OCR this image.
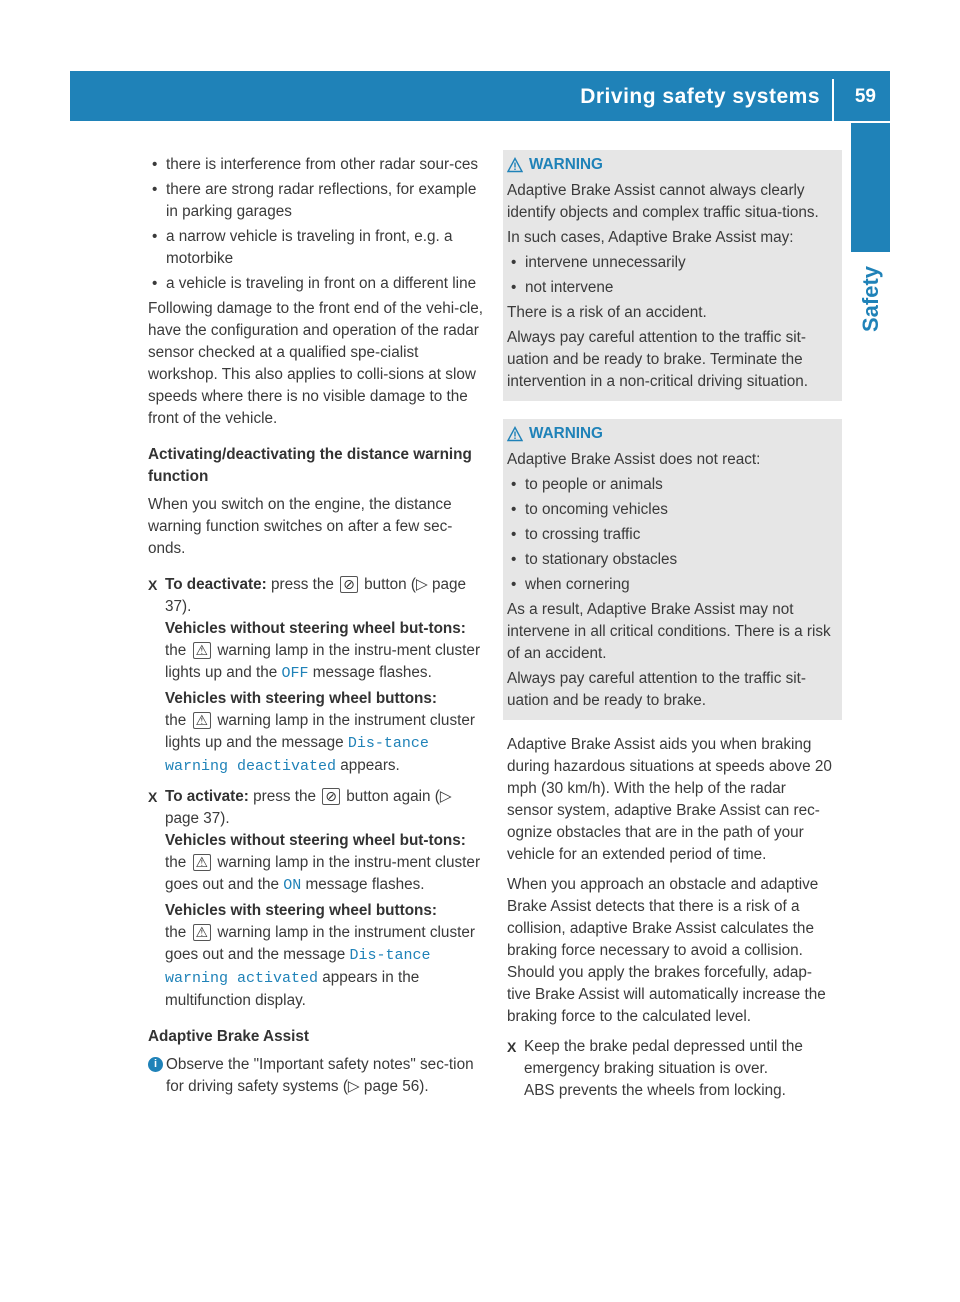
Driving safety systems 59
Safety

• there is interference from other radar sour-ces

• there are strong radar reflections, for example in parking garages

• a narrow vehicle is traveling in front, e.g. a motorbike

• a vehicle is traveling in front on a different line

Following damage to the front end of the vehi-cle, have the configuration and operation of the radar sensor checked at a qualified spe-cialist workshop. This also applies to colli-sions at slow speeds where there is no visible damage to the front of the vehicle.

Activating/deactivating the distance warning function

When you switch on the engine, the distance warning function switches on after a few sec-onds.

X To deactivate: press the ⊘ button (▷ page 37).
Vehicles without steering wheel but-tons: the ⚠ warning lamp in the instru-ment cluster lights up and the OFF message flashes.

Vehicles with steering wheel buttons:
the ⚠ warning lamp in the instrument cluster lights up and the message Dis‐tance warning deactivated appears.

X To activate: press the ⊘ button again (▷ page 37).
Vehicles without steering wheel but-tons: the ⚠ warning lamp in the instru-ment cluster goes out and the ON message flashes.

Vehicles with steering wheel buttons:
the ⚠ warning lamp in the instrument cluster goes out and the message Dis‐tance warning activated appears in the multifunction display.

Adaptive Brake Assist

i Observe the "Important safety notes" sec-tion for driving safety systems (▷ page 56).

WARNING

Adaptive Brake Assist cannot always clearly identify objects and complex traffic situa-tions.

In such cases, Adaptive Brake Assist may:

• intervene unnecessarily

• not intervene

There is a risk of an accident.

Always pay careful attention to the traffic sit-uation and be ready to brake. Terminate the intervention in a non-critical driving situation.

WARNING

Adaptive Brake Assist does not react:

• to people or animals

• to oncoming vehicles

• to crossing traffic

• to stationary obstacles

• when cornering

As a result, Adaptive Brake Assist may not intervene in all critical conditions. There is a risk of an accident.

Always pay careful attention to the traffic sit-uation and be ready to brake.

Adaptive Brake Assist aids you when braking during hazardous situations at speeds above 20 mph (30 km/h). With the help of the radar sensor system, adaptive Brake Assist can rec-ognize obstacles that are in the path of your vehicle for an extended period of time.

When you approach an obstacle and adaptive Brake Assist detects that there is a risk of a collision, adaptive Brake Assist calculates the braking force necessary to avoid a collision. Should you apply the brakes forcefully, adap-tive Brake Assist will automatically increase the braking force to the calculated level.

X Keep the brake pedal depressed until the emergency braking situation is over.

ABS prevents the wheels from locking.
